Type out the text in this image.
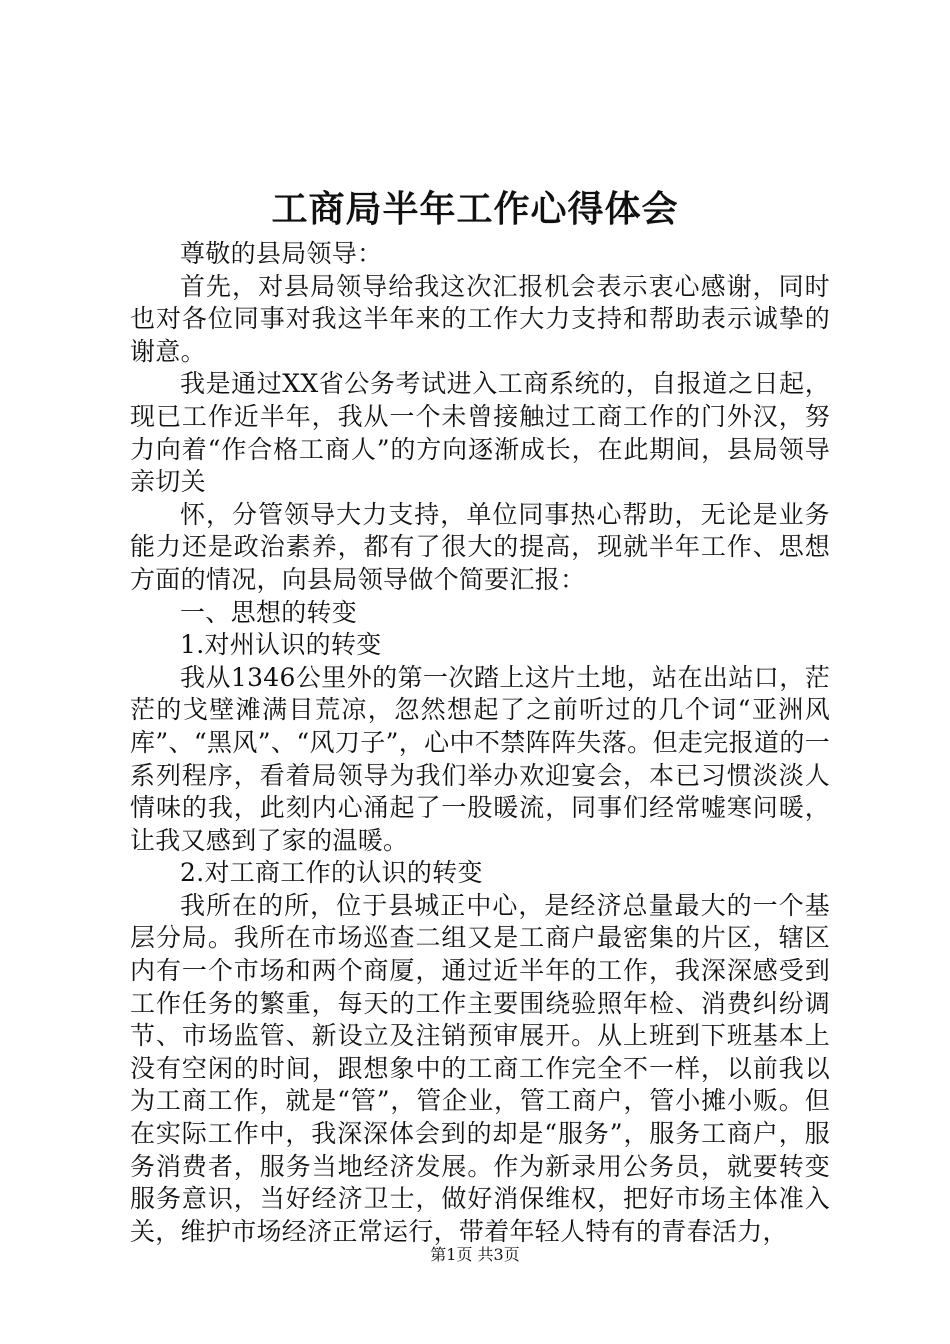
工商局半年工作心得体会

尊敬的县局领导：

首先，对县局领导给我这次汇报机会表示衷心感谢，同时也对各位同事对我这半年来的工作大力支持和帮助表示诚挚的谢意。

我是通过XX省公务考试进入工商系统的，自报道之日起，现已工作近半年，我从一个未曾接触过工商工作的门外汉，努力向着“作合格工商人”的方向逐渐成长，在此期间，县局领导亲切关

怀，分管领导大力支持，单位同事热心帮助，无论是业务能力还是政治素养，都有了很大的提高，现就半年工作、思想方面的情况，向县局领导做个简要汇报：

一、思想的转变

1.对州认识的转变

我从1346公里外的第一次踏上这片土地，站在出站口，茫茫的戈壁滩满目荒凉，忽然想起了之前听过的几个词“亚洲风库”、“黑风”、“风刀子”，心中不禁阵阵失落。但走完报道的一系列程序，看着局领导为我们举办欢迎宴会，本已习惯淡淡人情味的我，此刻内心涌起了一股暖流，同事们经常嘘寒问暖，让我又感到了家的温暖。

2.对工商工作的认识的转变

我所在的所，位于县城正中心，是经济总量最大的一个基层分局。我所在市场巡查二组又是工商户最密集的片区，辖区内有一个市场和两个商厦，通过近半年的工作，我深深感受到工作任务的繁重，每天的工作主要围绕验照年检、消费纠纷调节、市场监管、新设立及注销预审展开。从上班到下班基本上没有空闲的时间，跟想象中的工商工作完全不一样，以前我以为工商工作，就是“管”，管企业，管工商户，管小摊小贩。但在实际工作中，我深深体会到的却是“服务”，服务工商户，服务消费者，服务当地经济发展。作为新录用公务员，就要转变服务意识，当好经济卫士，做好消保维权，把好市场主体准入关，维护市场经济正常运行，带着年轻人特有的青春活力，

第1页 共3页
